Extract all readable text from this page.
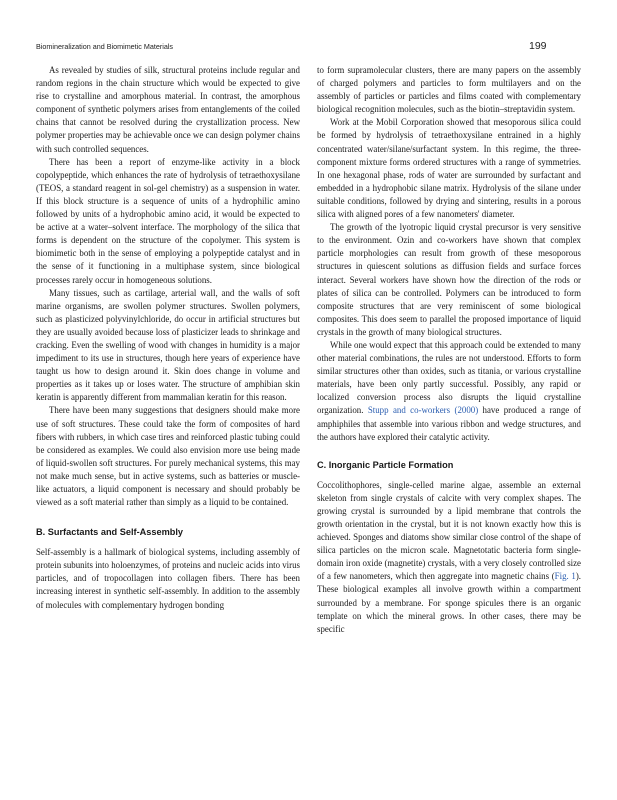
Biomineralization and Biomimetic Materials	199

As revealed by studies of silk, structural proteins include regular and random regions in the chain structure which would be expected to give rise to crystalline and amorphous material. In contrast, the amorphous component of synthetic polymers arises from entanglements of the coiled chains that cannot be resolved during the crystallization process. New polymer properties may be achievable once we can design polymer chains with such controlled sequences.

There has been a report of enzyme-like activity in a block copolypeptide, which enhances the rate of hydrolysis of tetraethoxysilane (TEOS, a standard reagent in sol-gel chemistry) as a suspension in water. If this block structure is a sequence of units of a hydrophilic amino followed by units of a hydrophobic amino acid, it would be expected to be active at a water–solvent interface. The morphology of the silica that forms is dependent on the structure of the copolymer. This system is biomimetic both in the sense of employing a polypeptide catalyst and in the sense of it functioning in a multiphase system, since biological processes rarely occur in homogeneous solutions.

Many tissues, such as cartilage, arterial wall, and the walls of soft marine organisms, are swollen polymer structures. Swollen polymers, such as plasticized polyvinylchloride, do occur in artificial structures but they are usually avoided because loss of plasticizer leads to shrinkage and cracking. Even the swelling of wood with changes in humidity is a major impediment to its use in structures, though here years of experience have taught us how to design around it. Skin does change in volume and properties as it takes up or loses water. The structure of amphibian skin keratin is apparently different from mammalian keratin for this reason.

There have been many suggestions that designers should make more use of soft structures. These could take the form of composites of hard fibers with rubbers, in which case tires and reinforced plastic tubing could be considered as examples. We could also envision more use being made of liquid-swollen soft structures. For purely mechanical systems, this may not make much sense, but in active systems, such as batteries or muscle-like actuators, a liquid component is necessary and should probably be viewed as a soft material rather than simply as a liquid to be contained.

B. Surfactants and Self-Assembly

Self-assembly is a hallmark of biological systems, including assembly of protein subunits into holoenzymes, of proteins and nucleic acids into virus particles, and of tropocollagen into collagen fibers. There has been increasing interest in synthetic self-assembly. In addition to the assembly of molecules with complementary hydrogen bonding

to form supramolecular clusters, there are many papers on the assembly of charged polymers and particles to form multilayers and on the assembly of particles or particles and films coated with complementary biological recognition molecules, such as the biotin–streptavidin system.

Work at the Mobil Corporation showed that mesoporous silica could be formed by hydrolysis of tetraethoxysilane entrained in a highly concentrated water/silane/surfactant system. In this regime, the three-component mixture forms ordered structures with a range of symmetries. In one hexagonal phase, rods of water are surrounded by surfactant and embedded in a hydrophobic silane matrix. Hydrolysis of the silane under suitable conditions, followed by drying and sintering, results in a porous silica with aligned pores of a few nanometers' diameter.

The growth of the lyotropic liquid crystal precursor is very sensitive to the environment. Ozin and co-workers have shown that complex particle morphologies can result from growth of these mesoporous structures in quiescent solutions as diffusion fields and surface forces interact. Several workers have shown how the direction of the rods or plates of silica can be controlled. Polymers can be introduced to form composite structures that are very reminiscent of some biological composites. This does seem to parallel the proposed importance of liquid crystals in the growth of many biological structures.

While one would expect that this approach could be extended to many other material combinations, the rules are not understood. Efforts to form similar structures other than oxides, such as titania, or various crystalline materials, have been only partly successful. Possibly, any rapid or localized conversion process also disrupts the liquid crystalline organization. Stupp and co-workers (2000) have produced a range of amphiphiles that assemble into various ribbon and wedge structures, and the authors have explored their catalytic activity.

C. Inorganic Particle Formation

Coccolithophores, single-celled marine algae, assemble an external skeleton from single crystals of calcite with very complex shapes. The growing crystal is surrounded by a lipid membrane that controls the growth orientation in the crystal, but it is not known exactly how this is achieved. Sponges and diatoms show similar close control of the shape of silica particles on the micron scale. Magnetotatic bacteria form single-domain iron oxide (magnetite) crystals, with a very closely controlled size of a few nanometers, which then aggregate into magnetic chains (Fig. 1). These biological examples all involve growth within a compartment surrounded by a membrane. For sponge spicules there is an organic template on which the mineral grows. In other cases, there may be specific
